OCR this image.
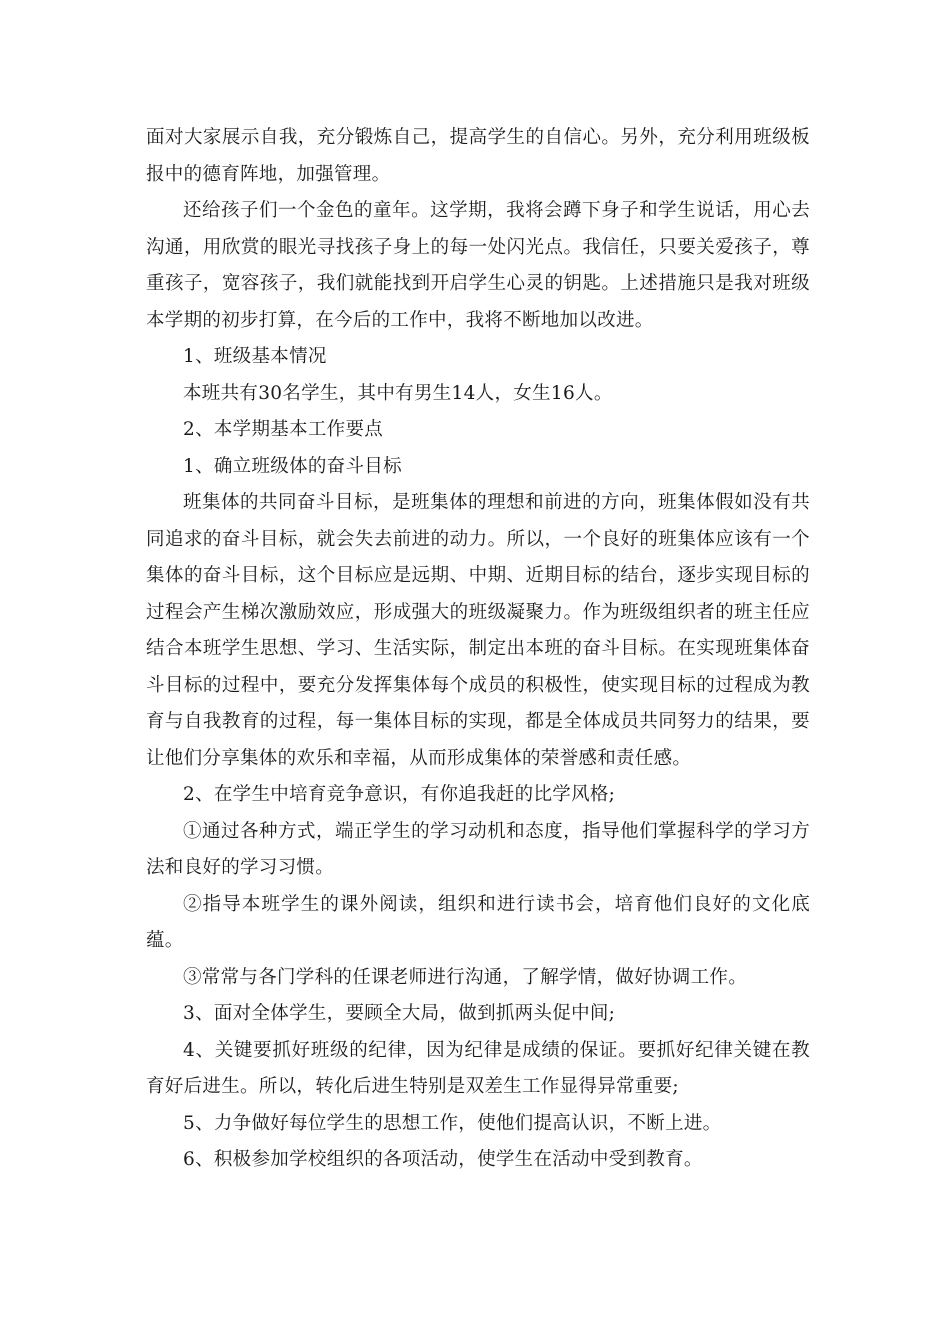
面对大家展示自我，充分锻炼自己，提高学生的自信心。另外，充分利用班级板报中的德育阵地，加强管理。

还给孩子们一个金色的童年。这学期，我将会蹲下身子和学生说话，用心去沟通，用欣赏的眼光寻找孩子身上的每一处闪光点。我信任，只要关爱孩子，尊重孩子，宽容孩子，我们就能找到开启学生心灵的钥匙。上述措施只是我对班级本学期的初步打算，在今后的工作中，我将不断地加以改进。

1、班级基本情况

本班共有30名学生，其中有男生14人，女生16人。

2、本学期基本工作要点

1、确立班级体的奋斗目标

班集体的共同奋斗目标，是班集体的理想和前进的方向，班集体假如没有共同追求的奋斗目标，就会失去前进的动力。所以，一个良好的班集体应该有一个集体的奋斗目标，这个目标应是远期、中期、近期目标的结台，逐步实现目标的过程会产生梯次激励效应，形成强大的班级凝聚力。作为班级组织者的班主任应结合本班学生思想、学习、生活实际，制定出本班的奋斗目标。在实现班集体奋斗目标的过程中，要充分发挥集体每个成员的积极性，使实现目标的过程成为教育与自我教育的过程，每一集体目标的实现，都是全体成员共同努力的结果，要让他们分享集体的欢乐和幸福，从而形成集体的荣誉感和责任感。

2、在学生中培育竞争意识，有你追我赶的比学风格;

①通过各种方式，端正学生的学习动机和态度，指导他们掌握科学的学习方法和良好的学习习惯。

②指导本班学生的课外阅读，组织和进行读书会，培育他们良好的文化底蕴。

③常常与各门学科的任课老师进行沟通，了解学情，做好协调工作。

3、面对全体学生，要顾全大局，做到抓两头促中间;

4、关键要抓好班级的纪律，因为纪律是成绩的保证。要抓好纪律关键在教育好后进生。所以，转化后进生特别是双差生工作显得异常重要;

5、力争做好每位学生的思想工作，使他们提高认识，不断上进。

6、积极参加学校组织的各项活动，使学生在活动中受到教育。
